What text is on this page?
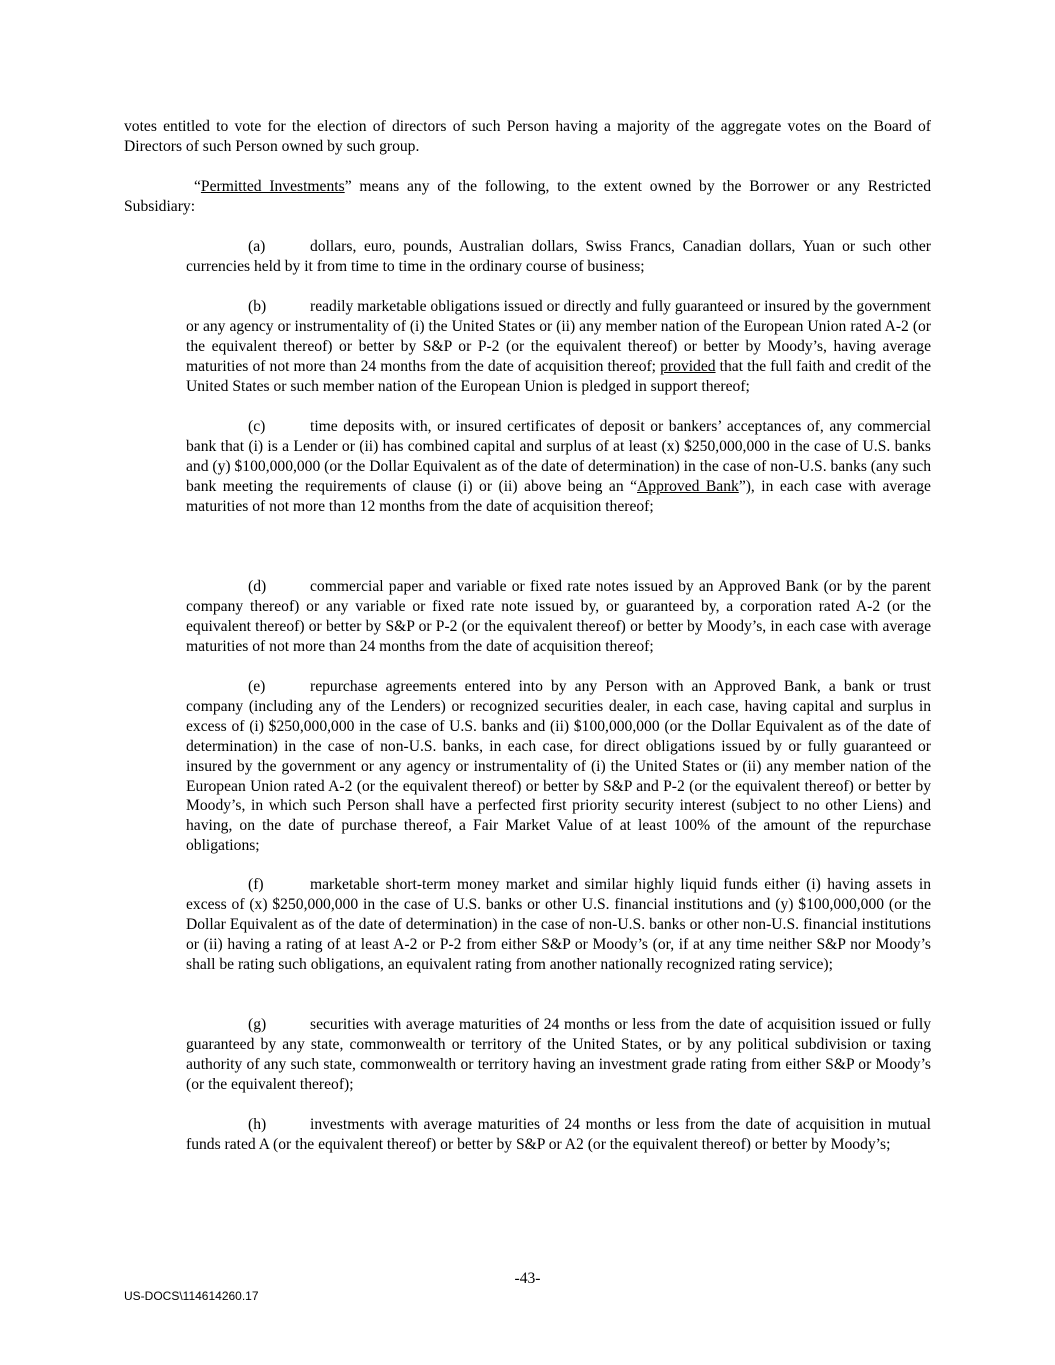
votes entitled to vote for the election of directors of such Person having a majority of the aggregate votes on the Board of Directors of such Person owned by such group.

“Permitted Investments” means any of the following, to the extent owned by the Borrower or any Restricted Subsidiary:

(a)	dollars, euro, pounds, Australian dollars, Swiss Francs, Canadian dollars, Yuan or such other currencies held by it from time to time in the ordinary course of business;

(b)	readily marketable obligations issued or directly and fully guaranteed or insured by the government or any agency or instrumentality of (i) the United States or (ii) any member nation of the European Union rated A-2 (or the equivalent thereof) or better by S&P or P-2 (or the equivalent thereof) or better by Moody’s, having average maturities of not more than 24 months from the date of acquisition thereof; provided that the full faith and credit of the United States or such member nation of the European Union is pledged in support thereof;

(c)	time deposits with, or insured certificates of deposit or bankers’ acceptances of, any commercial bank that (i) is a Lender or (ii) has combined capital and surplus of at least (x) $250,000,000 in the case of U.S. banks and (y) $100,000,000 (or the Dollar Equivalent as of the date of determination) in the case of non-U.S. banks (any such bank meeting the requirements of clause (i) or (ii) above being an “Approved Bank”), in each case with average maturities of not more than 12 months from the date of acquisition thereof;

(d)	commercial paper and variable or fixed rate notes issued by an Approved Bank (or by the parent company thereof) or any variable or fixed rate note issued by, or guaranteed by, a corporation rated A-2 (or the equivalent thereof) or better by S&P or P-2 (or the equivalent thereof) or better by Moody’s, in each case with average maturities of not more than 24 months from the date of acquisition thereof;

(e)	repurchase agreements entered into by any Person with an Approved Bank, a bank or trust company (including any of the Lenders) or recognized securities dealer, in each case, having capital and surplus in excess of (i) $250,000,000 in the case of U.S. banks and (ii) $100,000,000 (or the Dollar Equivalent as of the date of determination) in the case of non-U.S. banks, in each case, for direct obligations issued by or fully guaranteed or insured by the government or any agency or instrumentality of (i) the United States or (ii) any member nation of the European Union rated A-2 (or the equivalent thereof) or better by S&P and P-2 (or the equivalent thereof) or better by Moody’s, in which such Person shall have a perfected first priority security interest (subject to no other Liens) and having, on the date of purchase thereof, a Fair Market Value of at least 100% of the amount of the repurchase obligations;

(f)	marketable short-term money market and similar highly liquid funds either (i) having assets in excess of (x) $250,000,000 in the case of U.S. banks or other U.S. financial institutions and (y) $100,000,000 (or the Dollar Equivalent as of the date of determination) in the case of non-U.S. banks or other non-U.S. financial institutions or (ii) having a rating of at least A-2 or P-2 from either S&P or Moody’s (or, if at any time neither S&P nor Moody’s shall be rating such obligations, an equivalent rating from another nationally recognized rating service);

(g)	securities with average maturities of 24 months or less from the date of acquisition issued or fully guaranteed by any state, commonwealth or territory of the United States, or by any political subdivision or taxing authority of any such state, commonwealth or territory having an investment grade rating from either S&P or Moody’s (or the equivalent thereof);

(h)	investments with average maturities of 24 months or less from the date of acquisition in mutual funds rated A (or the equivalent thereof) or better by S&P or A2 (or the equivalent thereof) or better by Moody’s;

-43-
US-DOCS\114614260.17
